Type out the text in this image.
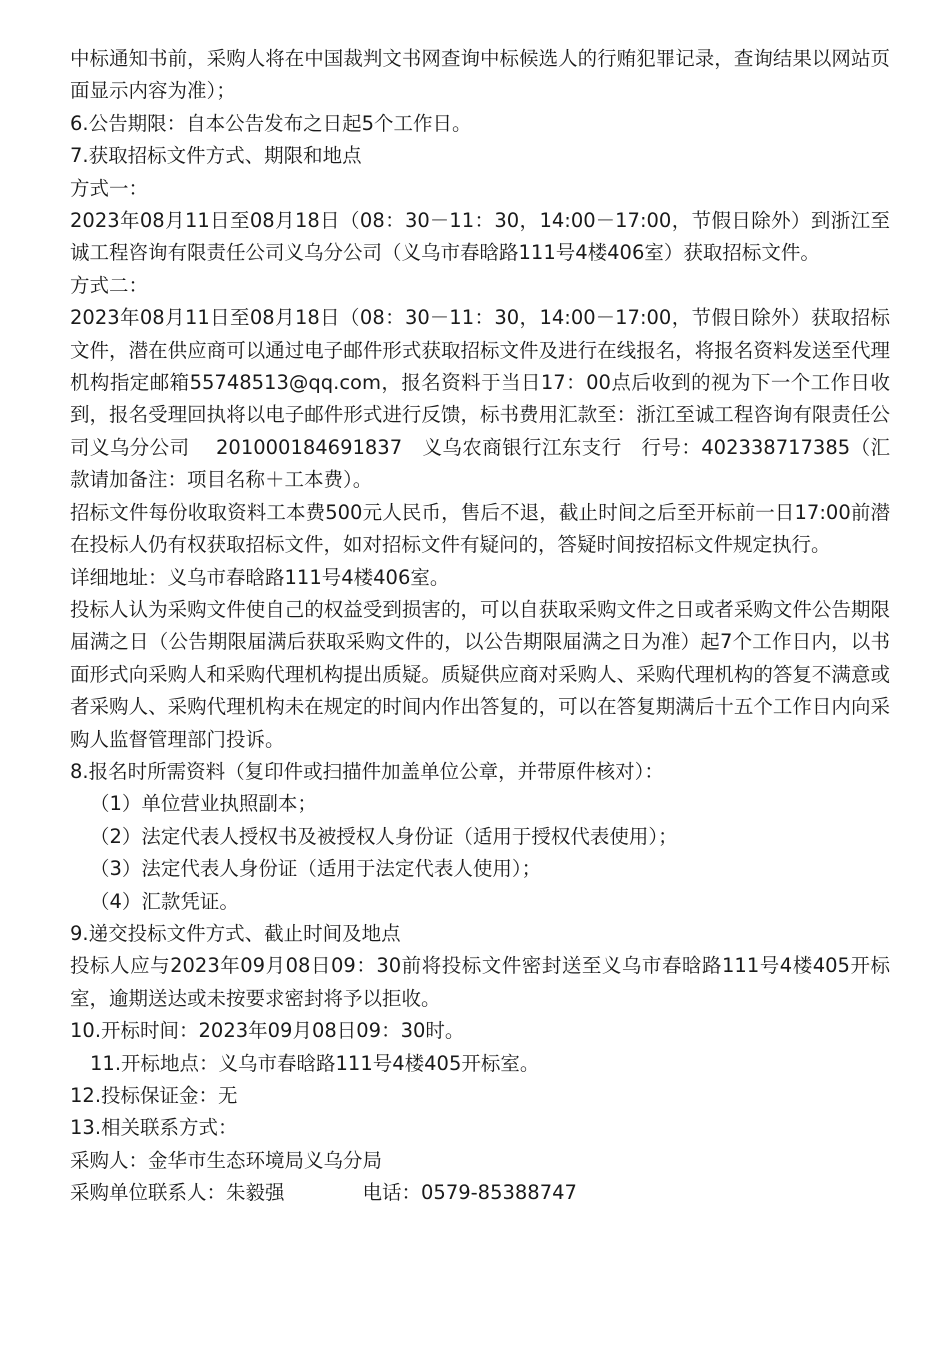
中标通知书前，采购人将在中国裁判文书网查询中标候选人的行贿犯罪记录，查询结果以网站页面显示内容为准）；

6.公告期限：自本公告发布之日起5个工作日。

7.获取招标文件方式、期限和地点

方式一：

2023年08月11日至08月18日（08：30－11：30，14:00－17:00，节假日除外）到浙江至诚工程咨询有限责任公司义乌分公司（义乌市春晗路111号4楼406室）获取招标文件。

方式二：

2023年08月11日至08月18日（08：30－11：30，14:00－17:00，节假日除外）获取招标文件，潜在供应商可以通过电子邮件形式获取招标文件及进行在线报名，将报名资料发送至代理机构指定邮箱55748513@qq.com，报名资料于当日17：00点后收到的视为下一个工作日收到，报名受理回执将以电子邮件形式进行反馈，标书费用汇款至：浙江至诚工程咨询有限责任公司义乌分公司　 201000184691837　义乌农商银行江东支行　行号：402338717385（汇款请加备注：项目名称＋工本费）。

招标文件每份收取资料工本费500元人民币，售后不退，截止时间之后至开标前一日17:00前潜在投标人仍有权获取招标文件，如对招标文件有疑问的，答疑时间按招标文件规定执行。

详细地址：义乌市春晗路111号4楼406室。

投标人认为采购文件使自己的权益受到损害的，可以自获取采购文件之日或者采购文件公告期限届满之日（公告期限届满后获取采购文件的，以公告期限届满之日为准）起7个工作日内，以书面形式向采购人和采购代理机构提出质疑。质疑供应商对采购人、采购代理机构的答复不满意或者采购人、采购代理机构未在规定的时间内作出答复的，可以在答复期满后十五个工作日内向采购人监督管理部门投诉。

8.报名时所需资料（复印件或扫描件加盖单位公章，并带原件核对）：

（1）单位营业执照副本；

（2）法定代表人授权书及被授权人身份证（适用于授权代表使用）；

（3）法定代表人身份证（适用于法定代表人使用）；

（4）汇款凭证。

9.递交投标文件方式、截止时间及地点

投标人应与2023年09月08日09：30前将投标文件密封送至义乌市春晗路111号4楼405开标室，逾期送达或未按要求密封将予以拒收。

10.开标时间：2023年09月08日09：30时。

11.开标地点：义乌市春晗路111号4楼405开标室。

12.投标保证金：无

13.相关联系方式：

采购人：金华市生态环境局义乌分局

采购单位联系人：朱毅强　　　　电话：0579-85388747
